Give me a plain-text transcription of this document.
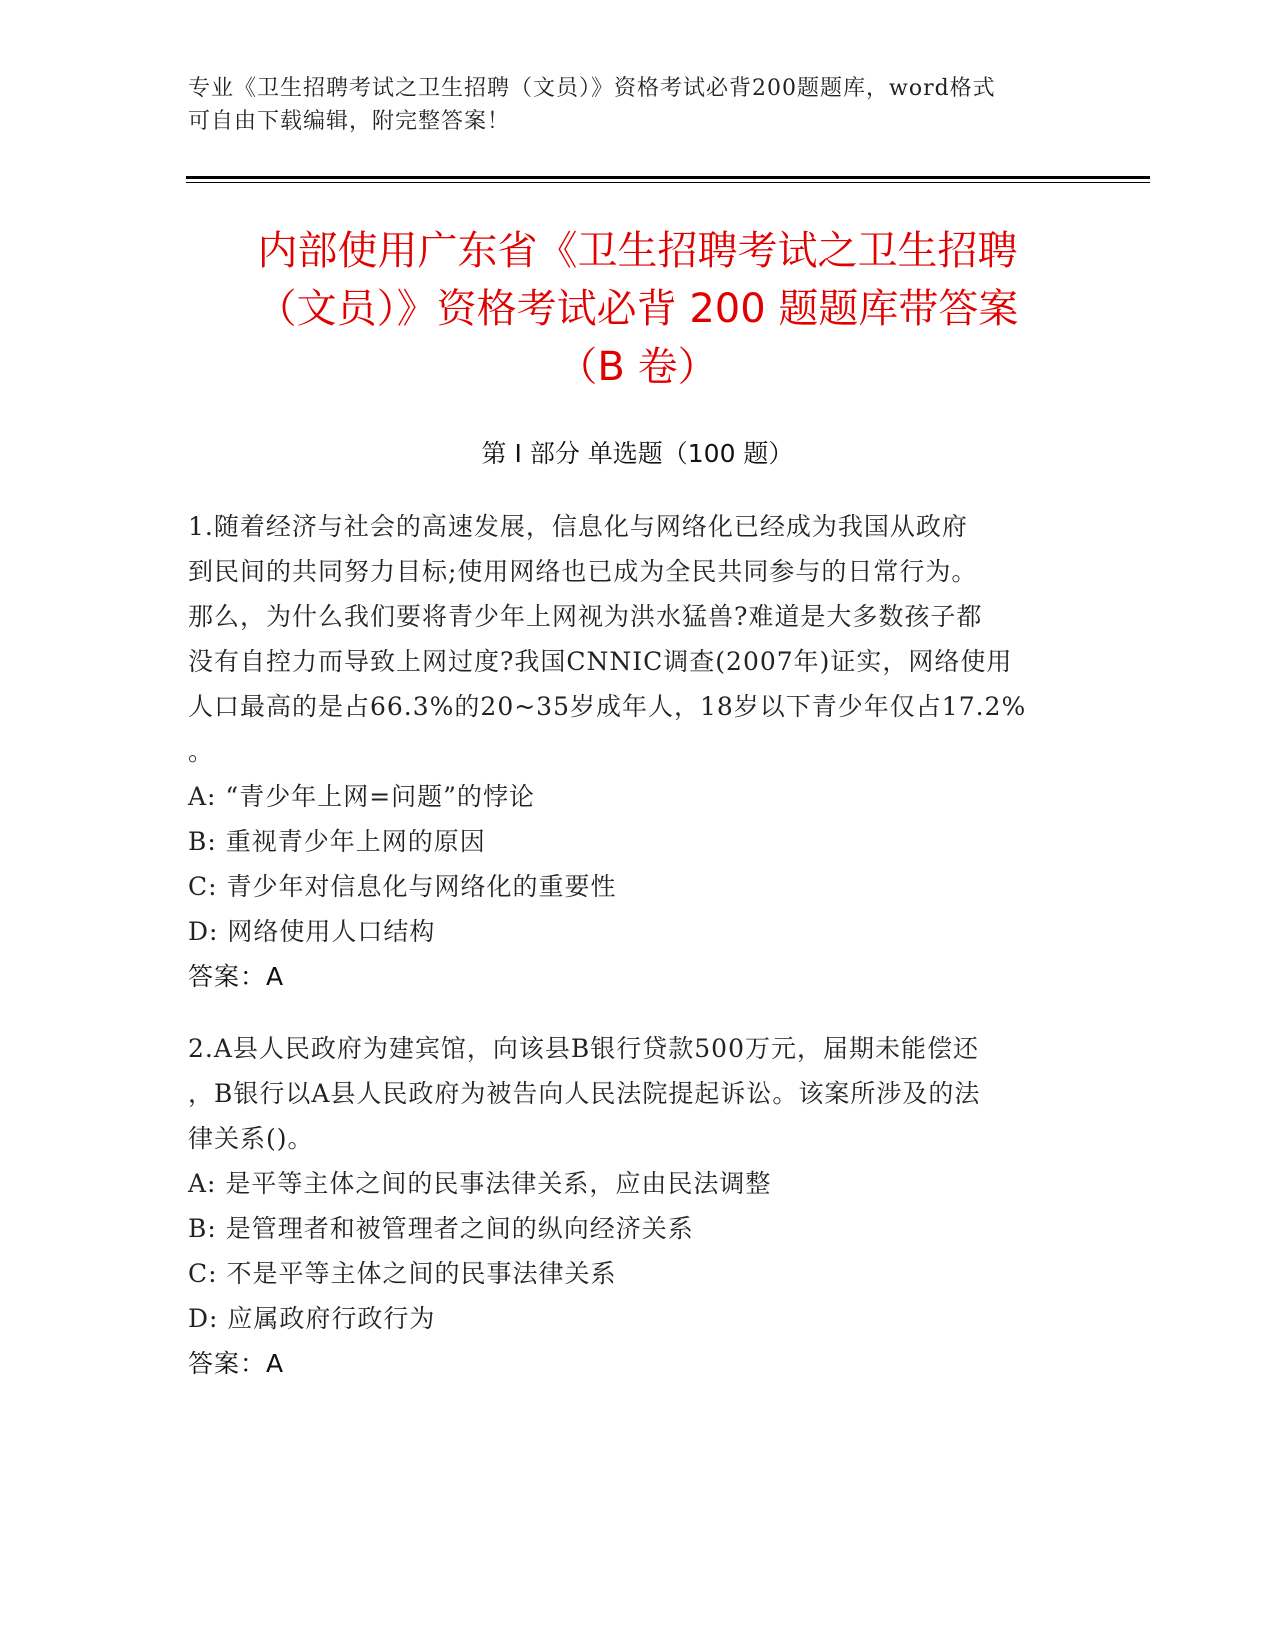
专业《卫生招聘考试之卫生招聘（文员）》资格考试必背200题题库，word格式
可自由下载编辑，附完整答案！
内部使用广东省《卫生招聘考试之卫生招聘
（文员）》资格考试必背 200 题题库带答案
（B 卷）
第 I 部分 单选题（100 题）
1.随着经济与社会的高速发展，信息化与网络化已经成为我国从政府
到民间的共同努力目标;使用网络也已成为全民共同参与的日常行为。
那么，为什么我们要将青少年上网视为洪水猛兽?难道是大多数孩子都
没有自控力而导致上网过度?我国CNNIC调查(2007年)证实，网络使用
人口最高的是占66.3%的20~35岁成年人，18岁以下青少年仅占17.2%
。
A: “青少年上网=问题”的悖论
B: 重视青少年上网的原因
C: 青少年对信息化与网络化的重要性
D: 网络使用人口结构
答案：A
2.A县人民政府为建宾馆，向该县B银行贷款500万元，届期未能偿还
，B银行以A县人民政府为被告向人民法院提起诉讼。该案所涉及的法
律关系()。
A: 是平等主体之间的民事法律关系，应由民法调整
B: 是管理者和被管理者之间的纵向经济关系
C: 不是平等主体之间的民事法律关系
D: 应属政府行政行为
答案：A
